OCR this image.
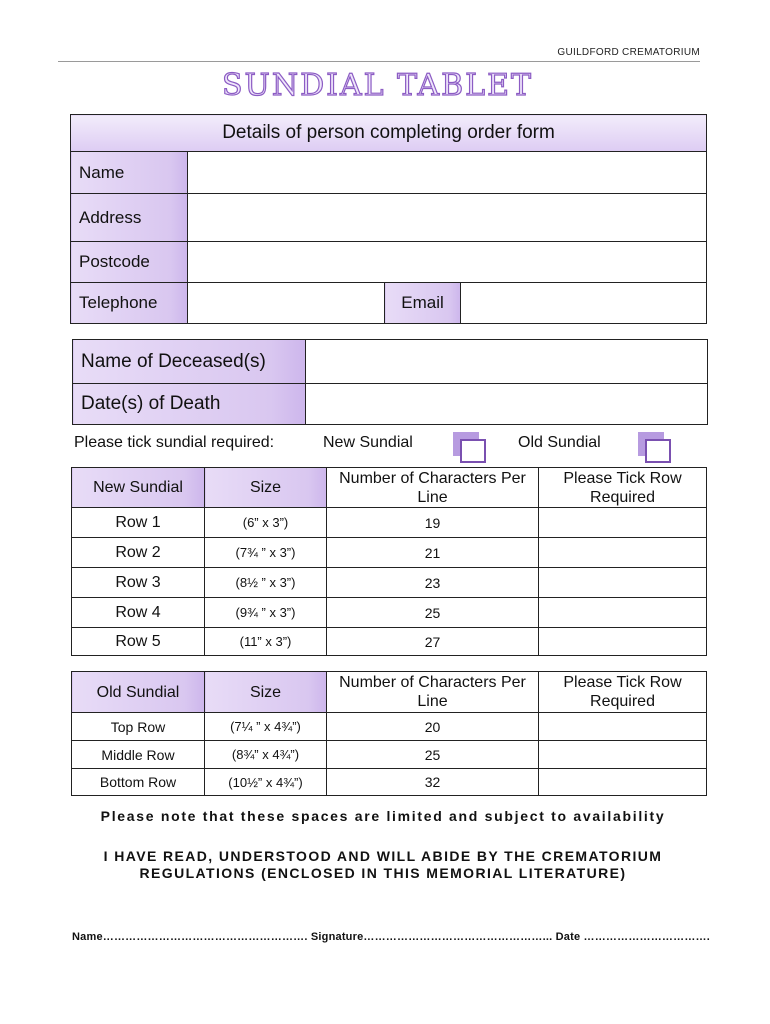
GUILDFORD CREMATORIUM
SUNDIAL TABLET
Details of person completing order form			
Name			
Address			
Postcode			
Telephone		Email	
Name of Deceased(s)	
Date(s) of Death	
Please tick sundial required:	New Sundial	Old Sundial
New Sundial	Size	Number of Characters Per Line	Please Tick Row Required
Row 1	(6” x 3”)	19	
Row 2	(7¾ ” x 3”)	21	
Row 3	(8½ ” x 3”)	23	
Row 4	(9¾ ” x 3”)	25	
Row 5	(11” x 3”)	27	
Old Sundial	Size	Number of Characters Per Line	Please Tick Row Required
Top Row	(7¼ ” x 4¾”)	20	
Middle Row	(8¾” x 4¾”)	25	
Bottom Row	(10½” x 4¾”)	32	
Please note that these spaces are limited and subject to availability
I HAVE READ, UNDERSTOOD AND WILL ABIDE BY THE CREMATORIUM
REGULATIONS (ENCLOSED IN THIS MEMORIAL LITERATURE)
Name………………………………………………. Signature…………………………………………... Date …………………………….
